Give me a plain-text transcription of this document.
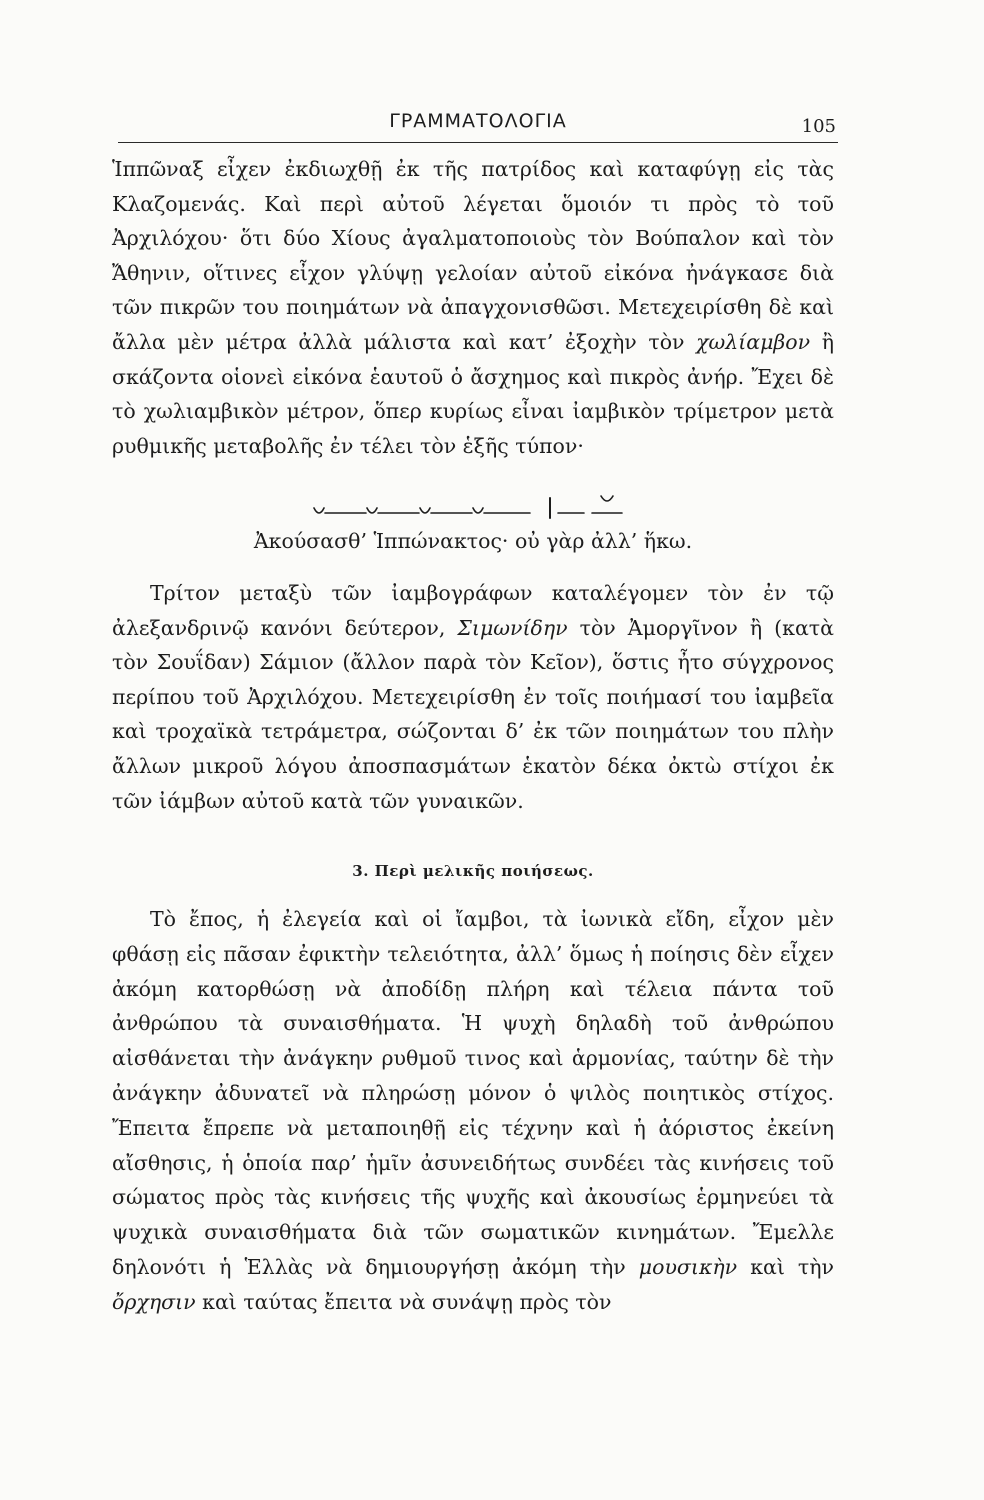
ΓΡΑΜΜΑΤΟΛΟΓΙΑ	105

Ἱππῶναξ εἶχεν ἐκδιωχθῇ ἐκ τῆς πατρίδος καὶ καταφύγῃ εἰς τὰς Κλαζομενάς. Καὶ περὶ αὐτοῦ λέγεται ὅμοιόν τι πρὸς τὸ τοῦ Ἀρχιλόχου· ὅτι δύο Χίους ἀγαλματοποιοὺς τὸν Βούπαλον καὶ τὸν Ἄθηνιν, οἵτινες εἶχον γλύψῃ γελοίαν αὐτοῦ εἰκόνα ἠνάγκασε διὰ τῶν πικρῶν του ποιημάτων νὰ ἀπαγχονισθῶσι. Μετεχειρίσθη δὲ καὶ ἄλλα μὲν μέτρα ἀλλὰ μάλιστα καὶ κατ’ ἐξοχὴν τὸν χωλίαμβον ἢ σκάζοντα οἱονεὶ εἰκόνα ἑαυτοῦ ὁ ἄσχημος καὶ πικρὸς ἀνήρ. Ἔχει δὲ τὸ χωλιαμβικὸν μέτρον, ὅπερ κυρίως εἶναι ἰαμβικὸν τρίμετρον μετὰ ρυθμικῆς μεταβολῆς ἐν τέλει τὸν ἑξῆς τύπον·

Ἀκούσασθ’ Ἱππώνακτος· οὐ γὰρ ἀλλ’ ἥκω.

Τρίτον μεταξὺ τῶν ἰαμβογράφων καταλέγομεν τὸν ἐν τῷ ἀλεξανδρινῷ κανόνι δεύτερον, Σιμωνίδην τὸν Ἀμοργῖνον ἢ (κατὰ τὸν Σουΐδαν) Σάμιον (ἄλλον παρὰ τὸν Κεῖον), ὅστις ἦτο σύγχρονος περίπου τοῦ Ἀρχιλόχου. Μετεχειρίσθη ἐν τοῖς ποιήμασί του ἰαμβεῖα καὶ τροχαϊκὰ τετράμετρα, σώζονται δ’ ἐκ τῶν ποιημάτων του πλὴν ἄλλων μικροῦ λόγου ἀποσπασμάτων ἑκατὸν δέκα ὀκτὼ στίχοι ἐκ τῶν ἰάμβων αὐτοῦ κατὰ τῶν γυναικῶν.

3. Περὶ μελικῆς ποιήσεως.

Τὸ ἔπος, ἡ ἐλεγεία καὶ οἱ ἴαμβοι, τὰ ἰωνικὰ εἴδη, εἶχον μὲν φθάσῃ εἰς πᾶσαν ἐφικτὴν τελειότητα, ἀλλ’ ὅμως ἡ ποίησις δὲν εἶχεν ἀκόμη κατορθώσῃ νὰ ἀποδίδῃ πλήρη καὶ τέλεια πάντα τοῦ ἀνθρώπου τὰ συναισθήματα. Ἡ ψυχὴ δηλαδὴ τοῦ ἀνθρώπου αἰσθάνεται τὴν ἀνάγκην ρυθμοῦ τινος καὶ ἁρμονίας, ταύτην δὲ τὴν ἀνάγκην ἀδυνατεῖ νὰ πληρώσῃ μόνον ὁ ψιλὸς ποιητικὸς στίχος. Ἔπειτα ἔπρεπε νὰ μεταποιηθῇ εἰς τέχνην καὶ ἡ ἀόριστος ἐκείνη αἴσθησις, ἡ ὁποία παρ’ ἡμῖν ἀσυνειδήτως συνδέει τὰς κινήσεις τοῦ σώματος πρὸς τὰς κινήσεις τῆς ψυχῆς καὶ ἀκουσίως ἑρμηνεύει τὰ ψυχικὰ συναισθήματα διὰ τῶν σωματικῶν κινημάτων. Ἔμελλε δηλονότι ἡ Ἑλλὰς νὰ δημιουργήσῃ ἀκόμη τὴν μουσικὴν καὶ τὴν ὄρχησιν καὶ ταύτας ἔπειτα νὰ συνάψῃ πρὸς τὸν
